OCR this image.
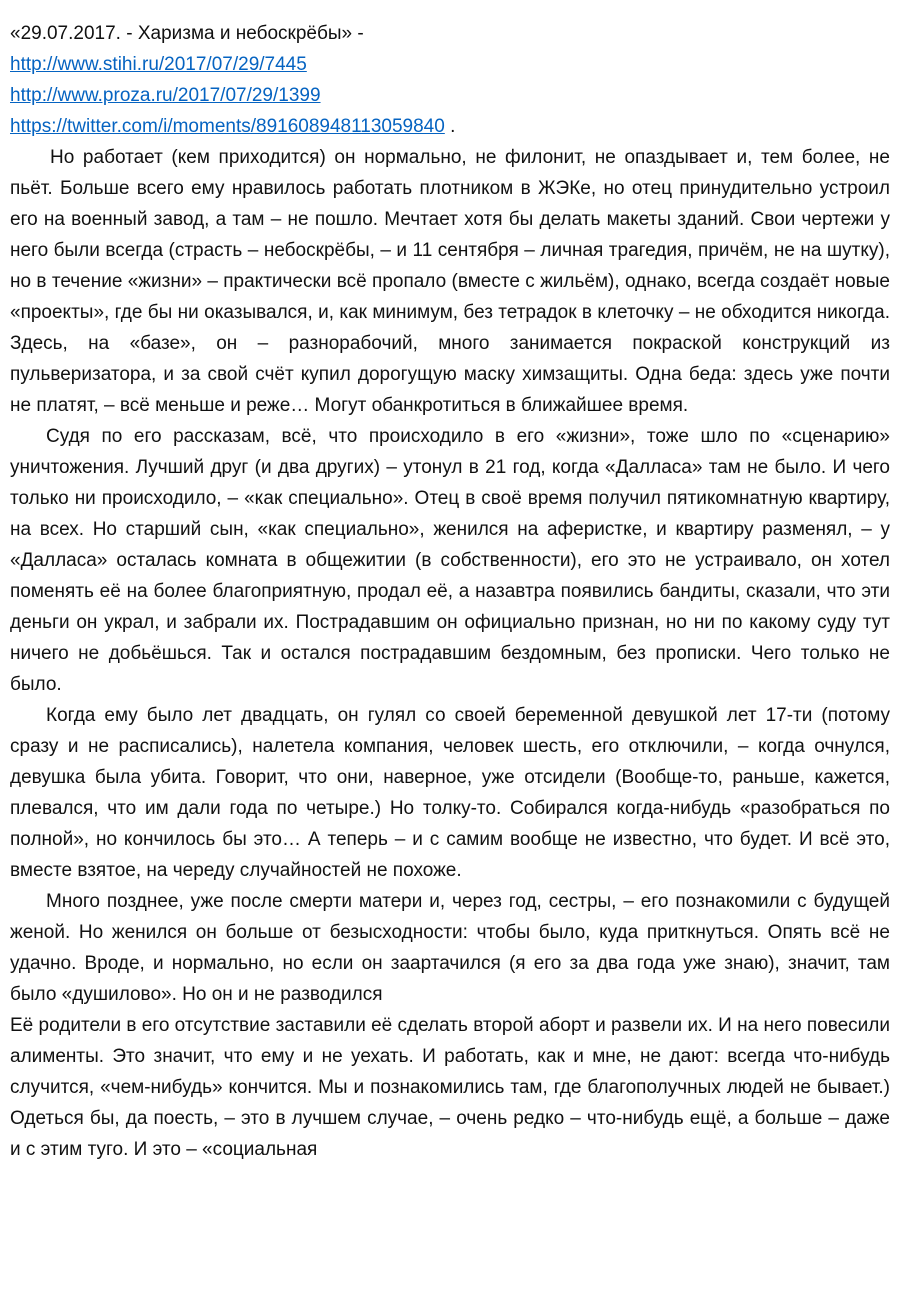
«29.07.2017. - Харизма и небоскрёбы» -
http://www.stihi.ru/2017/07/29/7445
http://www.proza.ru/2017/07/29/1399
https://twitter.com/i/moments/891608948113059840 .

Но работает (кем приходится) он нормально, не филонит, не опаздывает и, тем более, не пьёт. Больше всего ему нравилось работать плотником в ЖЭКе, но отец принудительно устроил его на военный завод, а там – не пошло. Мечтает хотя бы делать макеты зданий. Свои чертежи у него были всегда (страсть – небоскрёбы, – и 11 сентября – личная трагедия, причём, не на шутку), но в течение «жизни» – практически всё пропало (вместе с жильём), однако, всегда создаёт новые «проекты», где бы ни оказывался, и, как минимум, без тетрадок в клеточку – не обходится никогда. Здесь, на «базе», он – разнорабочий, много занимается покраской конструкций из пульверизатора, и за свой счёт купил дорогущую маску химзащиты. Одна беда: здесь уже почти не платят, – всё меньше и реже… Могут обанкротиться в ближайшее время.

Судя по его рассказам, всё, что происходило в его «жизни», тоже шло по «сценарию» уничтожения. Лучший друг (и два других) – утонул в 21 год, когда «Далласа» там не было. И чего только ни происходило, – «как специально». Отец в своё время получил пятикомнатную квартиру, на всех. Но старший сын, «как специально», женился на аферистке, и квартиру разменял, – у «Далласа» осталась комната в общежитии (в собственности), его это не устраивало, он хотел поменять её на более благоприятную, продал её, а назавтра появились бандиты, сказали, что эти деньги он украл, и забрали их. Пострадавшим он официально признан, но ни по какому суду тут ничего не добьёшься. Так и остался пострадавшим бездомным, без прописки. Чего только не было.

Когда ему было лет двадцать, он гулял со своей беременной девушкой лет 17-ти (потому сразу и не расписались), налетела компания, человек шесть, его отключили, – когда очнулся, девушка была убита. Говорит, что они, наверное, уже отсидели (Вообще-то, раньше, кажется, плевался, что им дали года по четыре.) Но толку-то. Собирался когда-нибудь «разобраться по полной», но кончилось бы это… А теперь – и с самим вообще не известно, что будет. И всё это, вместе взятое, на череду случайностей не похоже.

Много позднее, уже после смерти матери и, через год, сестры, – его познакомили с будущей женой. Но женился он больше от безысходности: чтобы было, куда приткнуться. Опять всё не удачно. Вроде, и нормально, но если он заартачился (я его за два года уже знаю), значит, там было «душилово». Но он и не разводился

Её родители в его отсутствие заставили её сделать второй аборт и развели их. И на него повесили алименты. Это значит, что ему и не уехать. И работать, как и мне, не дают: всегда что-нибудь случится, «чем-нибудь» кончится. Мы и познакомились там, где благополучных людей не бывает.) Одеться бы, да поесть, – это в лучшем случае, – очень редко – что-нибудь ещё, а больше – даже и с этим туго. И это – «социальная
